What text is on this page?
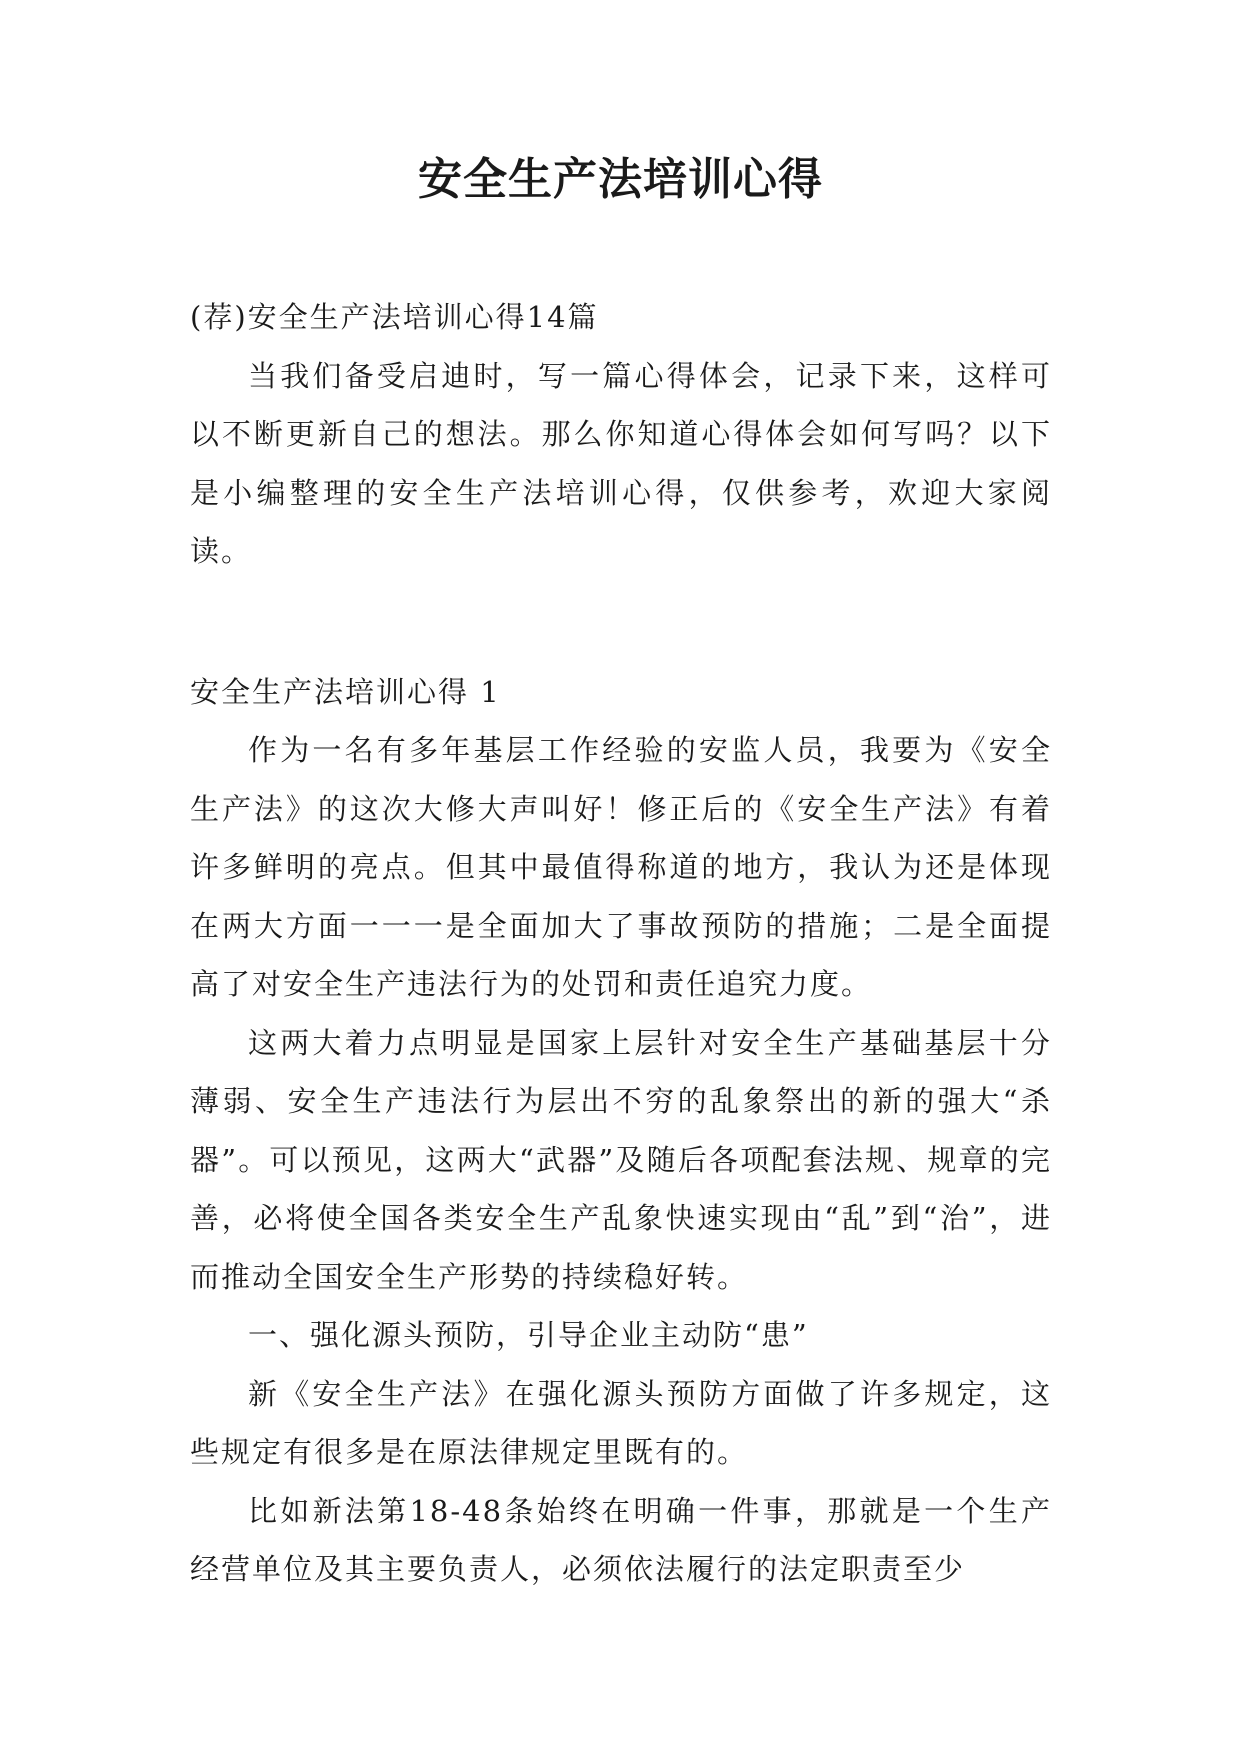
安全生产法培训心得

(荐)安全生产法培训心得14篇

当我们备受启迪时，写一篇心得体会，记录下来，这样可以不断更新自己的想法。那么你知道心得体会如何写吗？以下是小编整理的安全生产法培训心得，仅供参考，欢迎大家阅读。

安全生产法培训心得 1

作为一名有多年基层工作经验的安监人员，我要为《安全生产法》的这次大修大声叫好！修正后的《安全生产法》有着许多鲜明的亮点。但其中最值得称道的地方，我认为还是体现在两大方面一一一是全面加大了事故预防的措施；二是全面提高了对安全生产违法行为的处罚和责任追究力度。

这两大着力点明显是国家上层针对安全生产基础基层十分薄弱、安全生产违法行为层出不穷的乱象祭出的新的强大“杀器”。可以预见，这两大“武器”及随后各项配套法规、规章的完善，必将使全国各类安全生产乱象快速实现由“乱”到“治”，进而推动全国安全生产形势的持续稳好转。

一、强化源头预防，引导企业主动防“患”

新《安全生产法》在强化源头预防方面做了许多规定，这些规定有很多是在原法律规定里既有的。

比如新法第18-48条始终在明确一件事，那就是一个生产经营单位及其主要负责人，必须依法履行的法定职责至少
